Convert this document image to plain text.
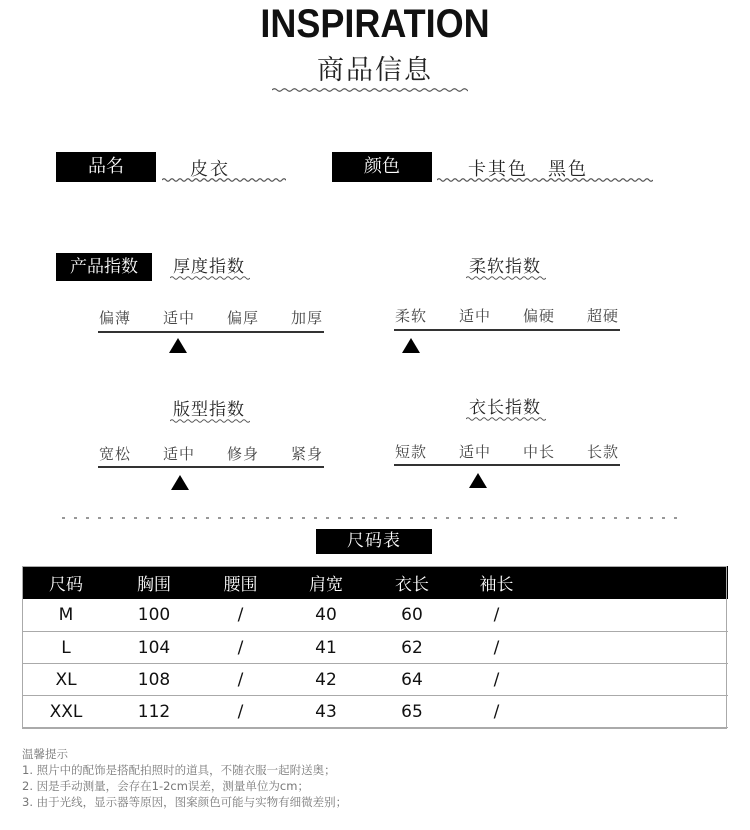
INSPIRATION
商品信息
品名	皮衣	颜色	卡其色　黑色
产品指数	厚度指数
偏薄 适中 偏厚 加厚
柔软指数
柔软 适中 偏硬 超硬
版型指数
宽松 适中 修身 紧身
衣长指数
短款 适中 中长 长款
尺码表
尺码	胸围	腰围	肩宽	衣长	袖长	
M	100	/	40	60	/	
L	104	/	41	62	/	
XL	108	/	42	64	/	
XXL	112	/	43	65	/	
温馨提示
1. 照片中的配饰是搭配拍照时的道具，不随衣服一起附送奥；
2. 因是手动测量，会存在1-2cm误差，测量单位为cm；
3. 由于光线，显示器等原因，图案颜色可能与实物有细微差别；
